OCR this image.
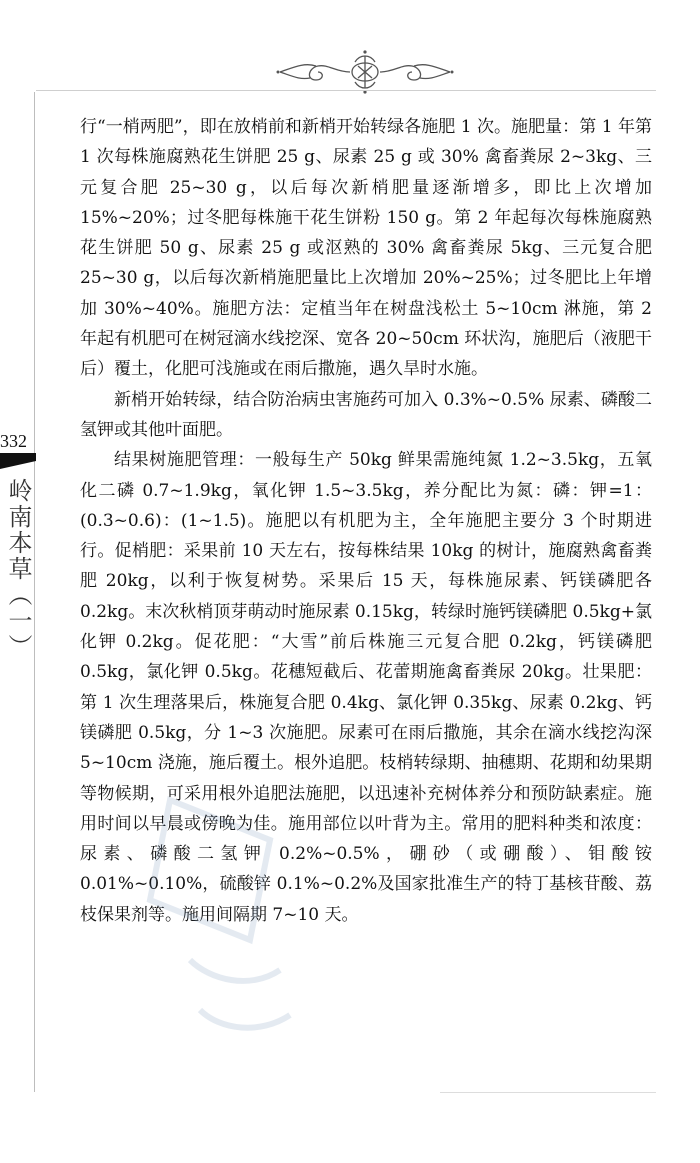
332
岭南本草（一）

行“一梢两肥”，即在放梢前和新梢开始转绿各施肥 1 次。施肥量：第 1 年第 1 次每株施腐熟花生饼肥 25 g、尿素 25 g 或 30% 禽畜粪尿 2~3kg、三元复合肥 25~30 g，以后每次新梢肥量逐渐增多，即比上次增加 15%~20%；过冬肥每株施干花生饼粉 150 g。第 2 年起每次每株施腐熟花生饼肥 50 g、尿素 25 g 或沤熟的 30% 禽畜粪尿 5kg、三元复合肥 25~30 g，以后每次新梢施肥量比上次增加 20%~25%；过冬肥比上年增加 30%~40%。施肥方法：定植当年在树盘浅松土 5~10cm 淋施，第 2 年起有机肥可在树冠滴水线挖深、宽各 20~50cm 环状沟，施肥后（液肥干后）覆土，化肥可浅施或在雨后撒施，遇久旱时水施。

新梢开始转绿，结合防治病虫害施药可加入 0.3%~0.5% 尿素、磷酸二氢钾或其他叶面肥。

结果树施肥管理：一般每生产 50kg 鲜果需施纯氮 1.2~3.5kg，五氧化二磷 0.7~1.9kg，氧化钾 1.5~3.5kg，养分配比为氮：磷：钾=1：(0.3~0.6)：(1~1.5)。施肥以有机肥为主，全年施肥主要分 3 个时期进行。促梢肥：采果前 10 天左右，按每株结果 10kg 的树计，施腐熟禽畜粪肥 20kg，以利于恢复树势。采果后 15 天，每株施尿素、钙镁磷肥各 0.2kg。末次秋梢顶芽萌动时施尿素 0.15kg，转绿时施钙镁磷肥 0.5kg+氯化钾 0.2kg。促花肥：“大雪”前后株施三元复合肥 0.2kg，钙镁磷肥 0.5kg，氯化钾 0.5kg。花穗短截后、花蕾期施禽畜粪尿 20kg。壮果肥：第 1 次生理落果后，株施复合肥 0.4kg、氯化钾 0.35kg、尿素 0.2kg、钙镁磷肥 0.5kg，分 1~3 次施肥。尿素可在雨后撒施，其余在滴水线挖沟深 5~10cm 浇施，施后覆土。根外追肥。枝梢转绿期、抽穗期、花期和幼果期等物候期，可采用根外追肥法施肥，以迅速补充树体养分和预防缺素症。施用时间以早晨或傍晚为佳。施用部位以叶背为主。常用的肥料种类和浓度：尿素、磷酸二氢钾 0.2%~0.5%，硼砂（或硼酸）、钼酸铵 0.01%~0.10%，硫酸锌 0.1%~0.2%及国家批准生产的特丁基核苷酸、荔枝保果剂等。施用间隔期 7~10 天。
